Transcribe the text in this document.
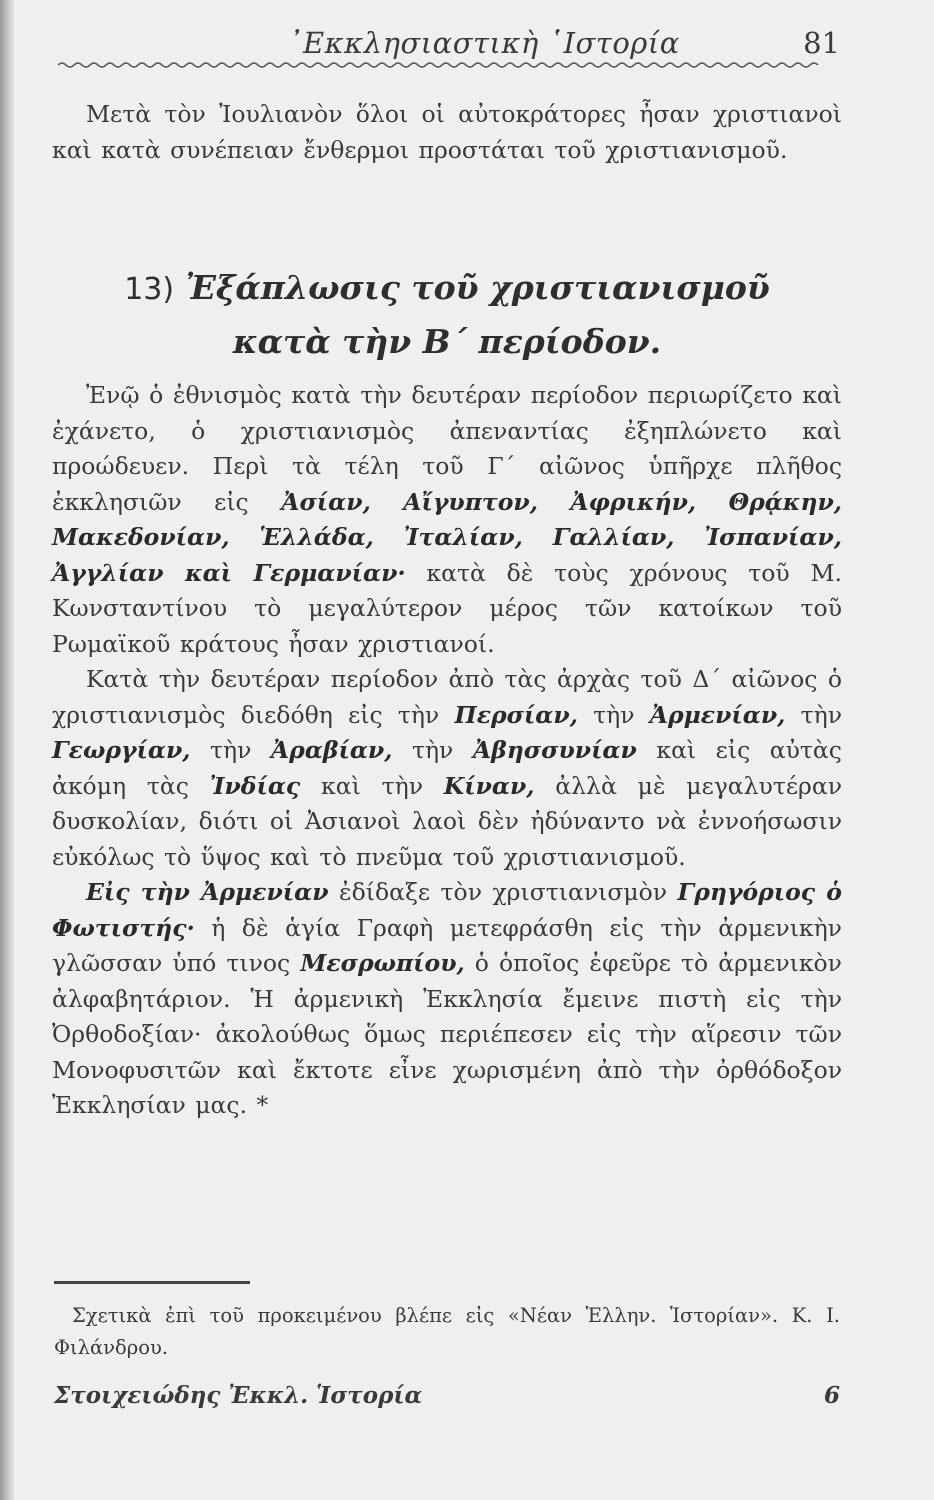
᾿Εκκλησιαστικὴ ῾Ιστορία	81

Μετὰ τὸν Ἰουλιανὸν ὅλοι οἱ αὐτοκράτορες ἦσαν χριστιανοὶ καὶ κατὰ συνέπειαν ἔνθερμοι προστάται τοῦ χριστιανισμοῦ.

13) Ἐξάπλωσις τοῦ χριστιανισμοῦ
κατὰ τὴν Β΄ περίοδον.

Ἐνῷ ὁ ἐθνισμὸς κατὰ τὴν δευτέραν περίοδον περιωρίζετο καὶ ἐχάνετο, ὁ χριστιανισμὸς ἀπεναντίας ἐξηπλώνετο καὶ προώδευεν. Περὶ τὰ τέλη τοῦ Γ΄ αἰῶνος ὑπῆρχε πλῆθος ἐκκλησιῶν εἰς Ἀσίαν, Αἴγυπτον, Ἀφρικήν, Θρᾴκην, Μακεδονίαν, Ἑλλάδα, Ἰταλίαν, Γαλλίαν, Ἰσπανίαν, Ἀγγλίαν καὶ Γερμανίαν· κατὰ δὲ τοὺς χρόνους τοῦ Μ. Κωνσταντίνου τὸ μεγαλύτερον μέρος τῶν κατοίκων τοῦ Ρωμαϊκοῦ κράτους ἦσαν χριστιανοί.

Κατὰ τὴν δευτέραν περίοδον ἀπὸ τὰς ἀρχὰς τοῦ Δ΄ αἰῶνος ὁ χριστιανισμὸς διεδόθη εἰς τὴν Περσίαν, τὴν Ἀρμενίαν, τὴν Γεωργίαν, τὴν Ἀραβίαν, τὴν Ἀβησσυνίαν καὶ εἰς αὐτὰς ἀκόμη τὰς Ἰνδίας καὶ τὴν Κίναν, ἀλλὰ μὲ μεγαλυτέραν δυσκολίαν, διότι οἱ Ἀσιανοὶ λαοὶ δὲν ἠδύναντο νὰ ἐννοήσωσιν εὐκόλως τὸ ὕψος καὶ τὸ πνεῦμα τοῦ χριστιανισμοῦ.

Εἰς τὴν Ἀρμενίαν ἐδίδαξε τὸν χριστιανισμὸν Γρηγόριος ὁ Φωτιστής· ἡ δὲ ἁγία Γραφὴ μετεφράσθη εἰς τὴν ἀρμενικὴν γλῶσσαν ὑπό τινος Μεσρωπίου, ὁ ὁποῖος ἐφεῦρε τὸ ἀρμενικὸν ἀλφαβητάριον. Ἡ ἀρμενικὴ Ἐκκλησία ἔμεινε πιστὴ εἰς τὴν Ὀρθοδοξίαν· ἀκολούθως ὅμως περιέπεσεν εἰς τὴν αἵρεσιν τῶν Μονοφυσιτῶν καὶ ἔκτοτε εἶνε χωρισμένη ἀπὸ τὴν ὀρθόδοξον Ἐκκλησίαν μας. *

Σχετικὰ ἐπὶ τοῦ προκειμένου βλέπε εἰς «Νέαν Ἑλλην. Ἱστορίαν». Κ. Ι. Φιλάνδρου.
Στοιχειώδης Ἐκκλ. Ἱστορία	6
